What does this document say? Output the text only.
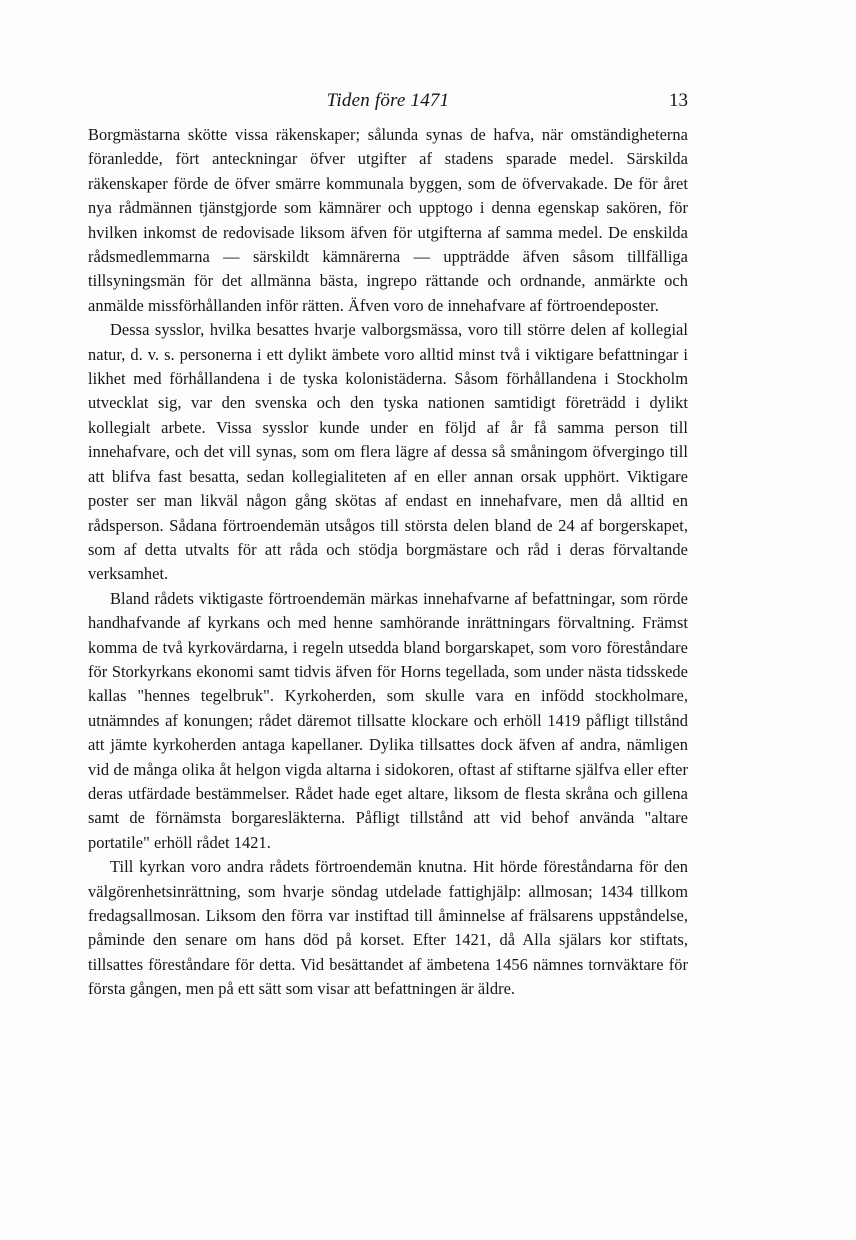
Tiden före 1471	13

Borgmästarna skötte vissa räkenskaper; sålunda synas de hafva, när omständigheterna föranledde, fört anteckningar öfver utgifter af stadens sparade medel. Särskilda räkenskaper förde de öfver smärre kommunala byggen, som de öfvervakade. De för året nya rådmännen tjänstgjorde som kämnärer och upptogo i denna egenskap sakören, för hvilken inkomst de redovisade liksom äfven för utgifterna af samma medel. De enskilda rådsmedlemmarna — särskildt kämnärerna — uppträdde äfven såsom tillfälliga tillsyningsmän för det allmänna bästa, ingrepo rättande och ordnande, anmärkte och anmälde missförhållanden inför rätten. Äfven voro de innehafvare af förtroendeposter.

Dessa sysslor, hvilka besattes hvarje valborgsmässa, voro till större delen af kollegial natur, d. v. s. personerna i ett dylikt ämbete voro alltid minst två i viktigare befattningar i likhet med förhållandena i de tyska kolonistäderna. Såsom förhållandena i Stockholm utvecklat sig, var den svenska och den tyska nationen samtidigt företrädd i dylikt kollegialt arbete. Vissa sysslor kunde under en följd af år få samma person till innehafvare, och det vill synas, som om flera lägre af dessa så småningom öfvergingo till att blifva fast besatta, sedan kollegialiteten af en eller annan orsak upphört. Viktigare poster ser man likväl någon gång skötas af endast en innehafvare, men då alltid en rådsperson. Sådana förtroendemän utsågos till största delen bland de 24 af borgerskapet, som af detta utvalts för att råda och stödja borgmästare och råd i deras förvaltande verksamhet.

Bland rådets viktigaste förtroendemän märkas innehafvarne af befattningar, som rörde handhafvande af kyrkans och med henne samhörande inrättningars förvaltning. Främst komma de två kyrkovärdarna, i regeln utsedda bland borgarskapet, som voro föreståndare för Storkyrkans ekonomi samt tidvis äfven för Horns tegellada, som under nästa tidsskede kallas "hennes tegelbruk". Kyrkoherden, som skulle vara en infödd stockholmare, utnämndes af konungen; rådet däremot tillsatte klockare och erhöll 1419 påfligt tillstånd att jämte kyrkoherden antaga kapellaner. Dylika tillsattes dock äfven af andra, nämligen vid de många olika åt helgon vigda altarna i sidokoren, oftast af stiftarne själfva eller efter deras utfärdade bestämmelser. Rådet hade eget altare, liksom de flesta skråna och gillena samt de förnämsta borgaresläkterna. Påfligt tillstånd att vid behof använda "altare portatile" erhöll rådet 1421.

Till kyrkan voro andra rådets förtroendemän knutna. Hit hörde föreståndarna för den välgörenhetsinrättning, som hvarje söndag utdelade fattighjälp: allmosan; 1434 tillkom fredagsallmosan. Liksom den förra var instiftad till åminnelse af frälsarens uppståndelse, påminde den senare om hans död på korset. Efter 1421, då Alla själars kor stiftats, tillsattes föreståndare för detta. Vid besättandet af ämbetena 1456 nämnes tornväktare för första gången, men på ett sätt som visar att befattningen är äldre.
